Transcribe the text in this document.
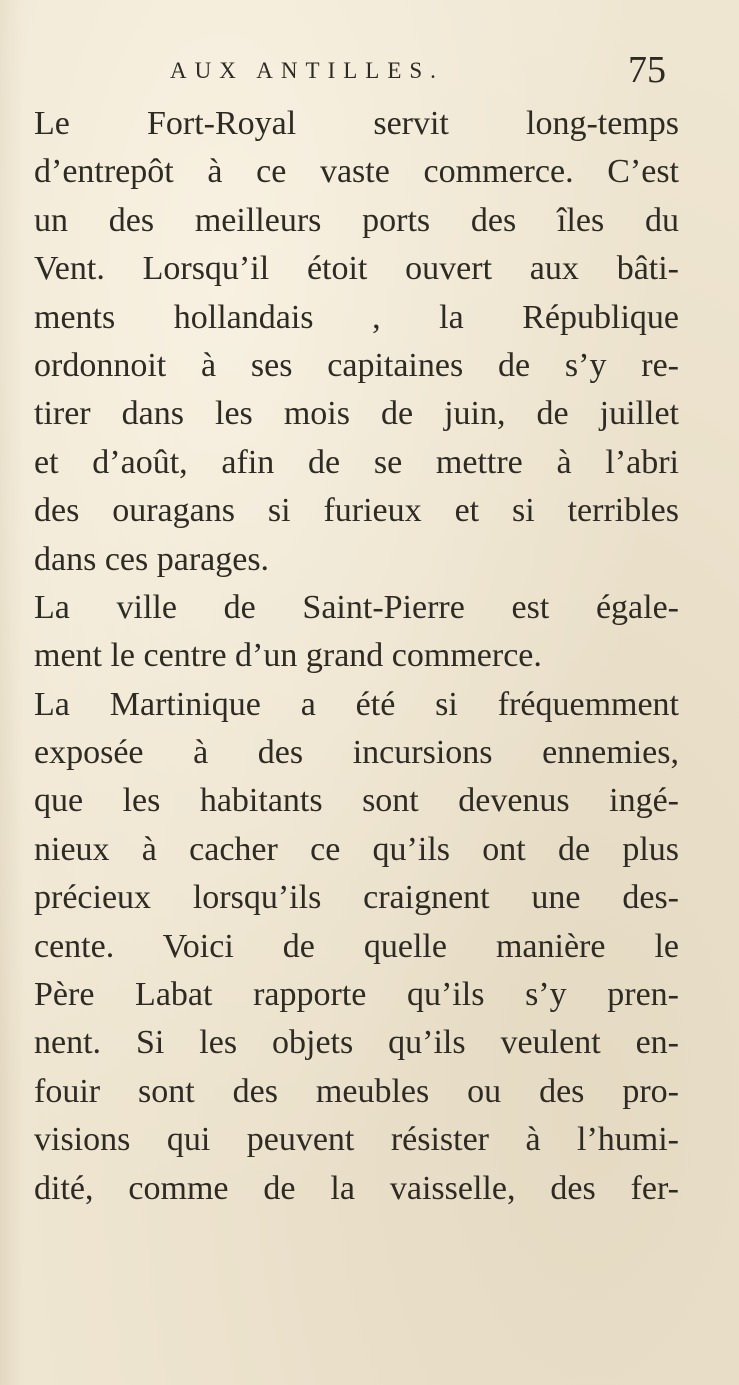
AUX ANTILLES.	75
Le Fort-Royal servit long-temps
d’entrepôt à ce vaste commerce. C’est
un des meilleurs ports des îles du
Vent. Lorsqu’il étoit ouvert aux bâti-
ments hollandais , la République
ordonnoit à ses capitaines de s’y re-
tirer dans les mois de juin, de juillet
et d’août, afin de se mettre à l’abri
des ouragans si furieux et si terribles
dans ces parages.
La ville de Saint-Pierre est égale-
ment le centre d’un grand commerce.
La Martinique a été si fréquemment
exposée à des incursions ennemies,
que les habitants sont devenus ingé-
nieux à cacher ce qu’ils ont de plus
précieux lorsqu’ils craignent une des-
cente. Voici de quelle manière le
Père Labat rapporte qu’ils s’y pren-
nent. Si les objets qu’ils veulent en-
fouir sont des meubles ou des pro-
visions qui peuvent résister à l’humi-
dité, comme de la vaisselle, des fer-
